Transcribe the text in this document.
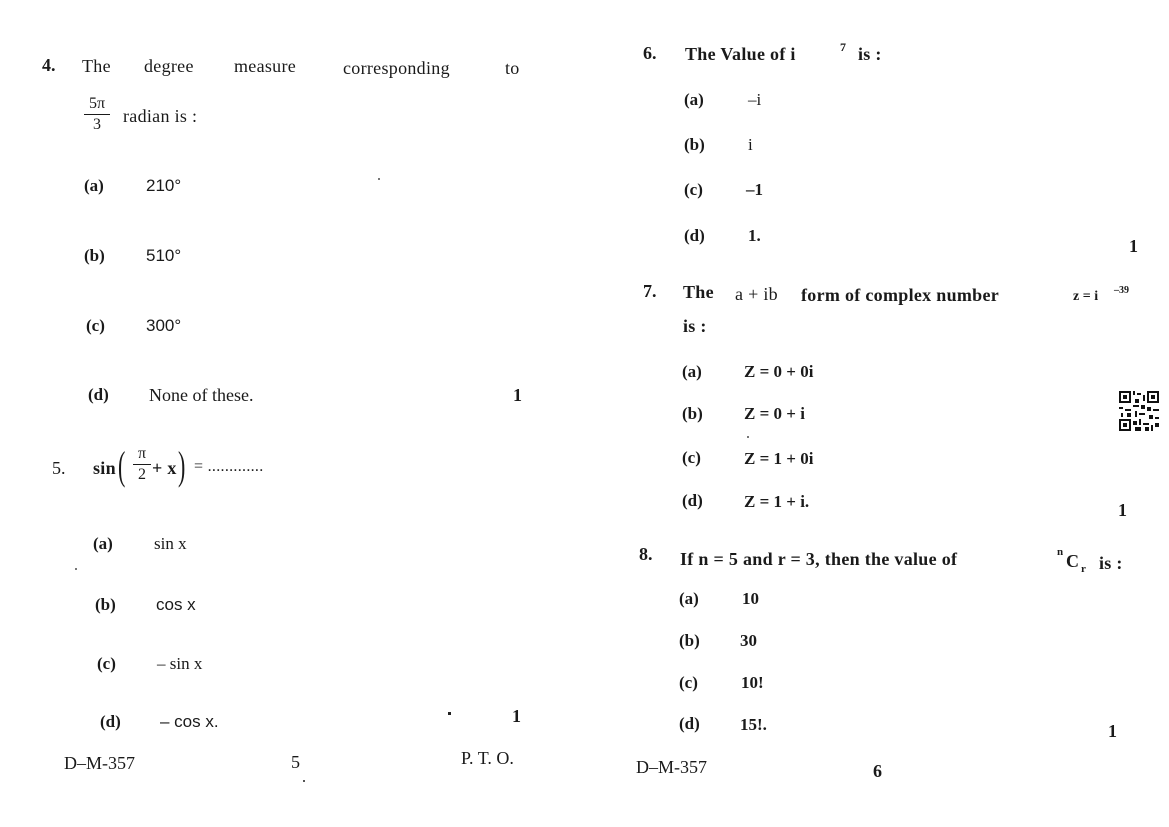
4. The degree measure	corresponding	to
5π
3	radian is :
(a) 210°
(b) 510°
(c) 300°
(d) None of these.	1
5. sin ( π
2 + x ) = .............
(a) sin x
(b) cos x
(c) – sin x
(d) – cos x.	1
D–M-357	5	P. T. O.
6. The Value of i	7 is :
(a)	–i
(b)	i
(c)	–1
(d)	1.
1
7. The a + ib form of complex number	z = i –39
is :
(a) Z = 0 + 0i
(b) Z = 0 + i
(c)	Z = 1 + 0i
(d) Z = 1 + i.	1
8. If n = 5 and r = 3, then the value of	n C r is :
(a)	10
(b) 30
(c)	10!
(d) 15!.	1
D–M-357	6
